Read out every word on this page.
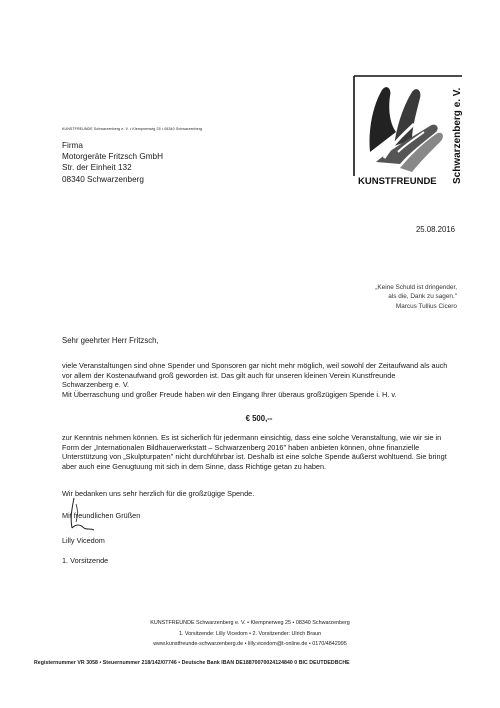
KUNSTFREUNDE Schwarzenberg e. V. • Klempnerweg 25 • 08340 Schwarzenberg
Firma
Motorgeräte Fritzsch GmbH
Str. der Einheit 132
08340 Schwarzenberg	KUNSTFREUNDE Schwarzenberg e. V.
25.08.2016
„Keine Schuld ist dringender,
als die, Dank zu sagen."
Marcus Tullius Cicero
Sehr geehrter Herr Fritzsch,
viele Veranstaltungen sind ohne Spender und Sponsoren gar nicht mehr möglich, weil sowohl der Zeitaufwand als auch
vor allem der Kostenaufwand groß geworden ist. Das gilt auch für unseren kleinen Verein Kunstfreunde
Schwarzenberg e. V.
Mit Überraschung und großer Freude haben wir den Eingang Ihrer überaus großzügigen Spende i. H. v.
€ 500,--
zur Kenntnis nehmen können. Es ist sicherlich für jedermann einsichtig, dass eine solche Veranstaltung, wie wir sie in
Form der „Internationalen Bildhauerwerkstatt – Schwarzenberg 2016" haben anbieten können, ohne finanzielle
Unterstützung von „Skulpturpaten" nicht durchführbar ist. Deshalb ist eine solche Spende äußerst wohltuend. Sie bringt
aber auch eine Genugtuung mit sich in dem Sinne, dass Richtige getan zu haben.
Wir bedanken uns sehr herzlich für die großzügige Spende.
Mit freundlichen Grüßen
Lilly Vicedom
1. Vorsitzende
KUNSTFREUNDE Schwarzenberg e. V. • Klempnerweg 25 • 08340 Schwarzenberg
1. Vorsitzende: Lilly Vicedom • 2. Vorsitzender: Ulrich Braun
www.kunstfreunde-schwarzenberg.de • lilly.vicedom@t-online.de • 0170/4842995
Registernummer VR 3058 • Steuernummer 218/142/07746 • Deutsche Bank IBAN DE18870070024124840 0 BIC DEUTDEDBCHE
